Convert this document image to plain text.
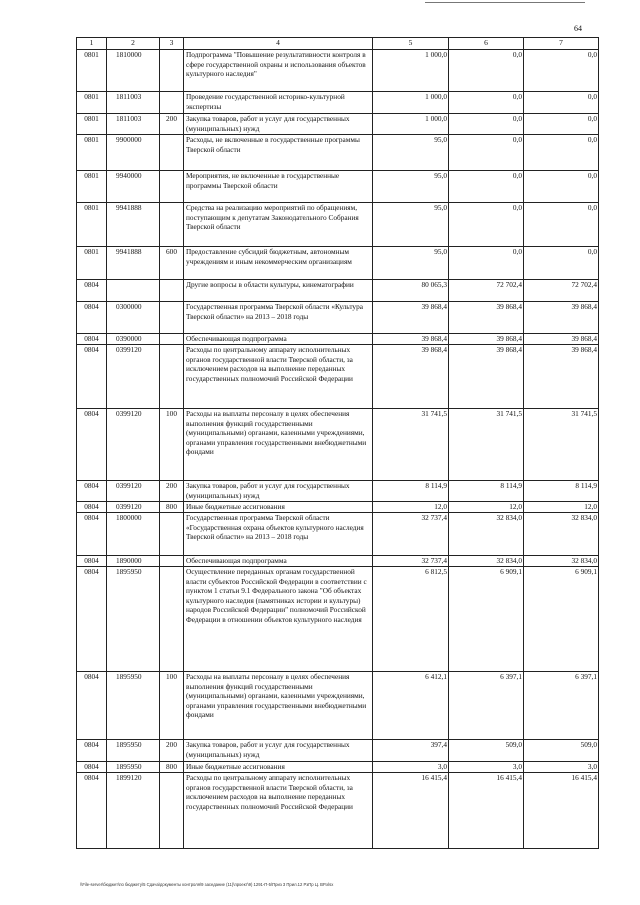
64
1	2	3	4	5	6	7
0801	1810000		Подпрограмма "Повышение результативности контроля в сфере государственной охраны и использования объектов культурного наследия"	1 000,0	0,0	0,0
0801	1811003		Проведение государственной историко-культурной экспертизы	1 000,0	0,0	0,0
0801	1811003	200	Закупка товаров, работ и услуг для государственных (муниципальных) нужд	1 000,0	0,0	0,0
0801	9900000		Расходы, не включенные в государственные программы Тверской области	95,0	0,0	0,0
0801	9940000		Мероприятия, не включенные в государственные программы Тверской области	95,0	0,0	0,0
0801	9941888		Средства на реализацию мероприятий по обращениям, поступающим к депутатам Законодательного Собрания Тверской области	95,0	0,0	0,0
0801	9941888	600	Предоставление субсидий бюджетным, автономным учреждениям и иным некоммерческим организациям	95,0	0,0	0,0
0804			Другие вопросы в области культуры, кинематографии	80 065,3	72 702,4	72 702,4
0804	0300000		Государственная программа Тверской области «Культура Тверской области» на 2013 – 2018 годы	39 868,4	39 868,4	39 868,4
0804	0390000		Обеспечивающая подпрограмма	39 868,4	39 868,4	39 868,4
0804	0399120		Расходы по центральному аппарату исполнительных органов государственной власти Тверской области, за исключением расходов на выполнение переданных государственных полномочий Российской Федерации	39 868,4	39 868,4	39 868,4
0804	0399120	100	Расходы на выплаты персоналу в целях обеспечения выполнения функций государственными (муниципальными) органами, казенными учреждениями, органами управления государственными внебюджетными фондами	31 741,5	31 741,5	31 741,5
0804	0399120	200	Закупка товаров, работ и услуг для государственных (муниципальных) нужд	8 114,9	8 114,9	8 114,9
0804	0399120	800	Иные бюджетные ассигнования	12,0	12,0	12,0
0804	1800000		Государственная программа Тверской области «Государственная охрана объектов культурного наследия Тверской области» на 2013 – 2018 годы	32 737,4	32 834,0	32 834,0
0804	1890000		Обеспечивающая подпрограмма	32 737,4	32 834,0	32 834,0
0804	1895950		Осуществление переданных органам государственной власти субъектов Российской Федерации в соответствии с пунктом 1 статьи 9.1 Федерального закона "Об объектах культурного наследия (памятниках истории и культуры) народов Российской Федерации" полномочий Российской Федерации в отношении объектов культурного наследия	6 812,5	6 909,1	6 909,1
0804	1895950	100	Расходы на выплаты персоналу в целях обеспечения выполнения функций государственными (муниципальными) органами, казенными учреждениями, органами управления государственными внебюджетными фондами	6 412,1	6 397,1	6 397,1
0804	1895950	200	Закупка товаров, работ и услуг для государственных (муниципальных) нужд	397,4	509,0	509,0
0804	1895950	800	Иные бюджетные ассигнования	3,0	3,0	3,0
0804	1899120		Расходы по центральному аппарату исполнительных органов государственной власти Тверской области, за исключением расходов на выполнение переданных государственных полномочий Российской Федерации	16 415,4	16 415,4	16 415,4
\\File-server\бюджет\по бюджету\5 Сдача\документы контроля\9 заседание (11)\проект\9) 1291-П-5\Приз 3 Прил.12 РзПр Ц. ВР.xlsx
